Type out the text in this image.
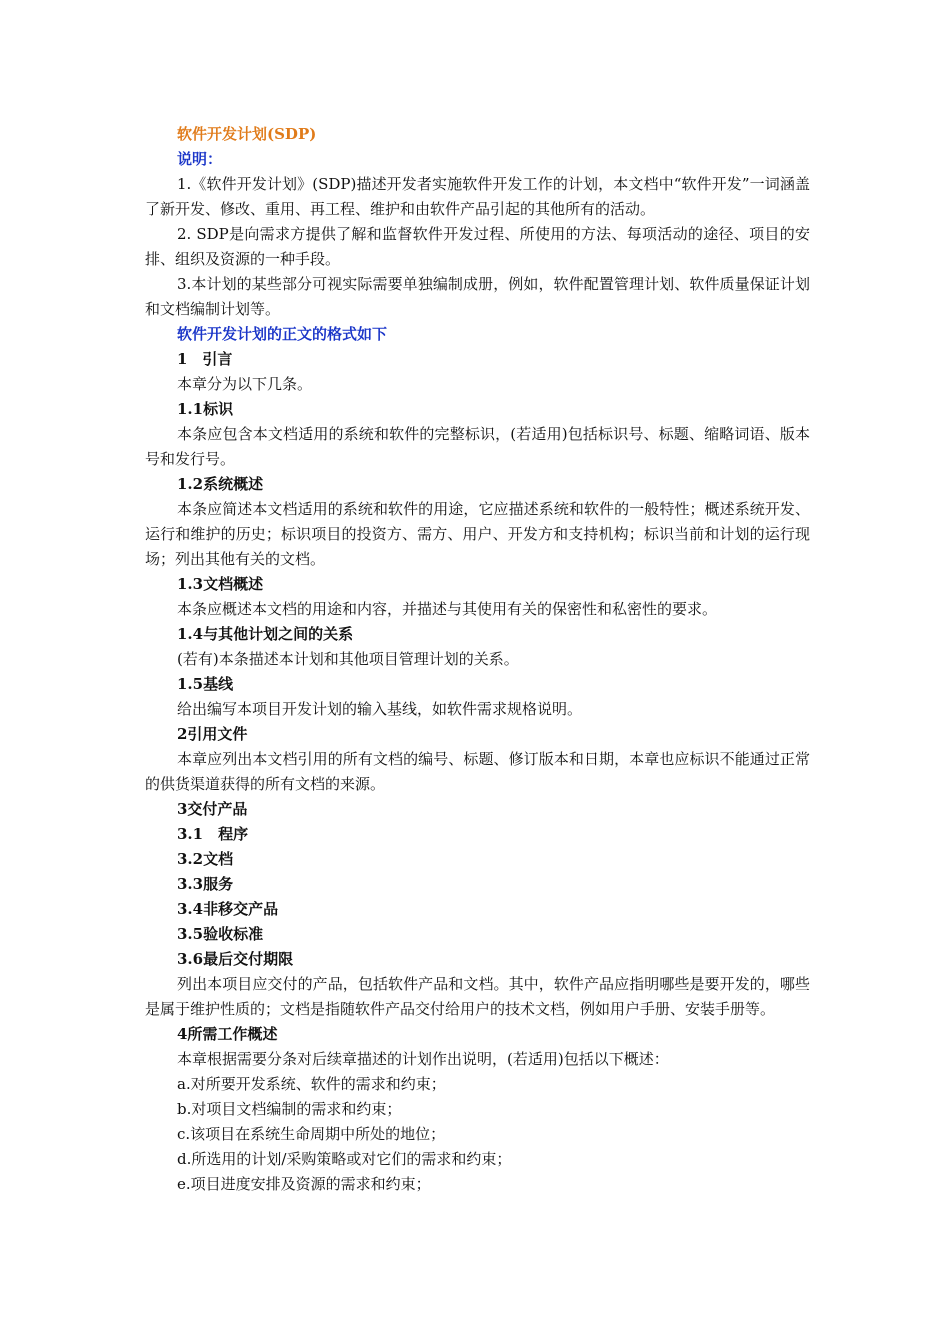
软件开发计划(SDP)
说明：
1.《软件开发计划》(SDP)描述开发者实施软件开发工作的计划，本文档中“软件开发”一词涵盖了新开发、修改、重用、再工程、维护和由软件产品引起的其他所有的活动。
2. SDP是向需求方提供了解和监督软件开发过程、所使用的方法、每项活动的途径、项目的安排、组织及资源的一种手段。
3.本计划的某些部分可视实际需要单独编制成册，例如，软件配置管理计划、软件质量保证计划和文档编制计划等。
软件开发计划的正文的格式如下
1　引言
本章分为以下几条。
1.1标识
本条应包含本文档适用的系统和软件的完整标识，(若适用)包括标识号、标题、缩略词语、版本号和发行号。
1.2系统概述
本条应简述本文档适用的系统和软件的用途，它应描述系统和软件的一般特性；概述系统开发、运行和维护的历史；标识项目的投资方、需方、用户、开发方和支持机构；标识当前和计划的运行现场；列出其他有关的文档。
1.3文档概述
本条应概述本文档的用途和内容，并描述与其使用有关的保密性和私密性的要求。
1.4与其他计划之间的关系
(若有)本条描述本计划和其他项目管理计划的关系。
1.5基线
给出编写本项目开发计划的输入基线，如软件需求规格说明。
2引用文件
本章应列出本文档引用的所有文档的编号、标题、修订版本和日期，本章也应标识不能通过正常的供货渠道获得的所有文档的来源。
3交付产品
3.1　程序
3.2文档
3.3服务
3.4非移交产品
3.5验收标准
3.6最后交付期限
列出本项目应交付的产品，包括软件产品和文档。其中，软件产品应指明哪些是要开发的，哪些是属于维护性质的；文档是指随软件产品交付给用户的技术文档，例如用户手册、安装手册等。
4所需工作概述
本章根据需要分条对后续章描述的计划作出说明，(若适用)包括以下概述：
a.对所要开发系统、软件的需求和约束；
b.对项目文档编制的需求和约束；
c.该项目在系统生命周期中所处的地位；
d.所选用的计划/采购策略或对它们的需求和约束；
e.项目进度安排及资源的需求和约束；
